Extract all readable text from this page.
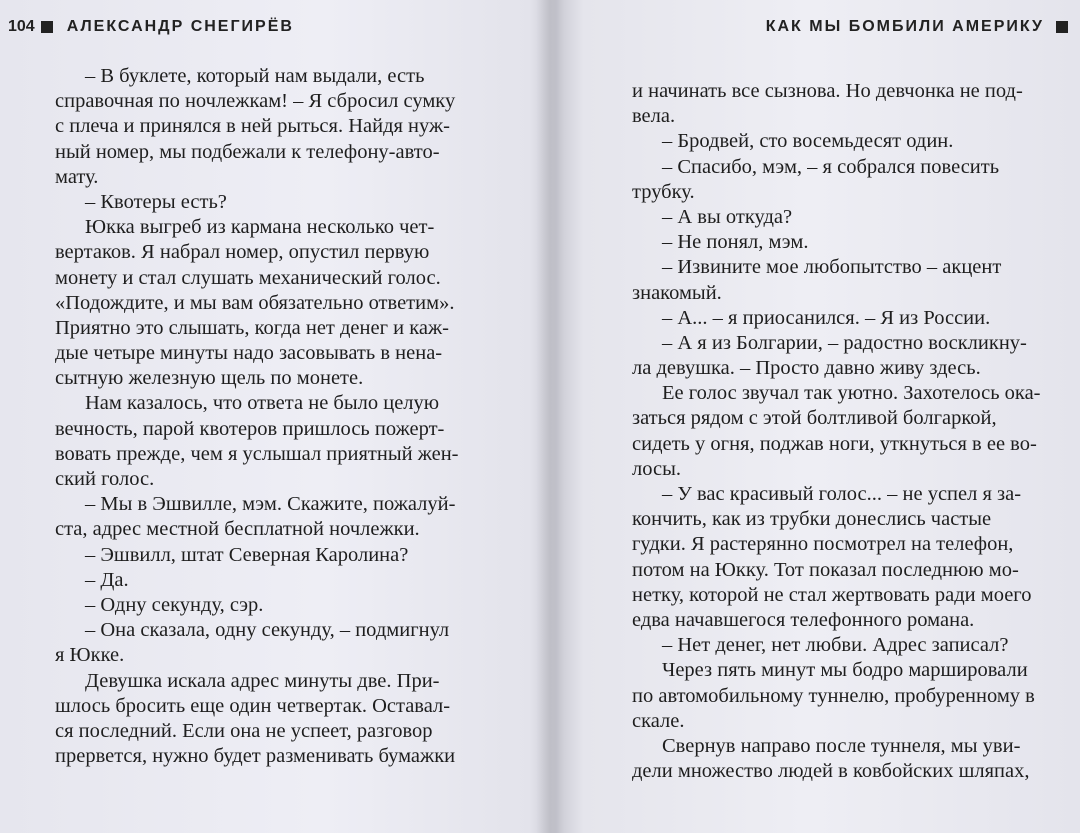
104 АЛЕКСАНДР СНЕГИРЁВ
– В буклете, который нам выдали, есть
справочная по ночлежкам! – Я сбросил сумку
с плеча и принялся в ней рыться. Найдя нуж-
ный номер, мы подбежали к телефону-авто-
мату.
– Квотеры есть?
Юкка выгреб из кармана несколько чет-
вертаков. Я набрал номер, опустил первую
монету и стал слушать механический голос.
«Подождите, и мы вам обязательно ответим».
Приятно это слышать, когда нет денег и каж-
дые четыре минуты надо засовывать в нена-
сытную железную щель по монете.
Нам казалось, что ответа не было целую
вечность, парой квотеров пришлось пожерт-
вовать прежде, чем я услышал приятный жен-
ский голос.
– Мы в Эшвилле, мэм. Скажите, пожалуй-
ста, адрес местной бесплатной ночлежки.
– Эшвилл, штат Северная Каролина?
– Да.
– Одну секунду, сэр.
– Она сказала, одну секунду, – подмигнул
я Юкке.
Девушка искала адрес минуты две. При-
шлось бросить еще один четвертак. Оставал-
ся последний. Если она не успеет, разговор
прервется, нужно будет разменивать бумажки
КАК МЫ БОМБИЛИ АМЕРИКУ
и начинать все сызнова. Но девчонка не под-
вела.
– Бродвей, сто восемьдесят один.
– Спасибо, мэм, – я собрался повесить
трубку.
– А вы откуда?
– Не понял, мэм.
– Извините мое любопытство – акцент
знакомый.
– А... – я приосанился. – Я из России.
– А я из Болгарии, – радостно воскликну-
ла девушка. – Просто давно живу здесь.
Ее голос звучал так уютно. Захотелось ока-
заться рядом с этой болтливой болгаркой,
сидеть у огня, поджав ноги, уткнуться в ее во-
лосы.
– У вас красивый голос... – не успел я за-
кончить, как из трубки донеслись частые
гудки. Я растерянно посмотрел на телефон,
потом на Юкку. Тот показал последнюю мо-
нетку, которой не стал жертвовать ради моего
едва начавшегося телефонного романа.
– Нет денег, нет любви. Адрес записал?
Через пять минут мы бодро маршировали
по автомобильному туннелю, пробуренному в
скале.
Свернув направо после туннеля, мы уви-
дели множество людей в ковбойских шляпах,
